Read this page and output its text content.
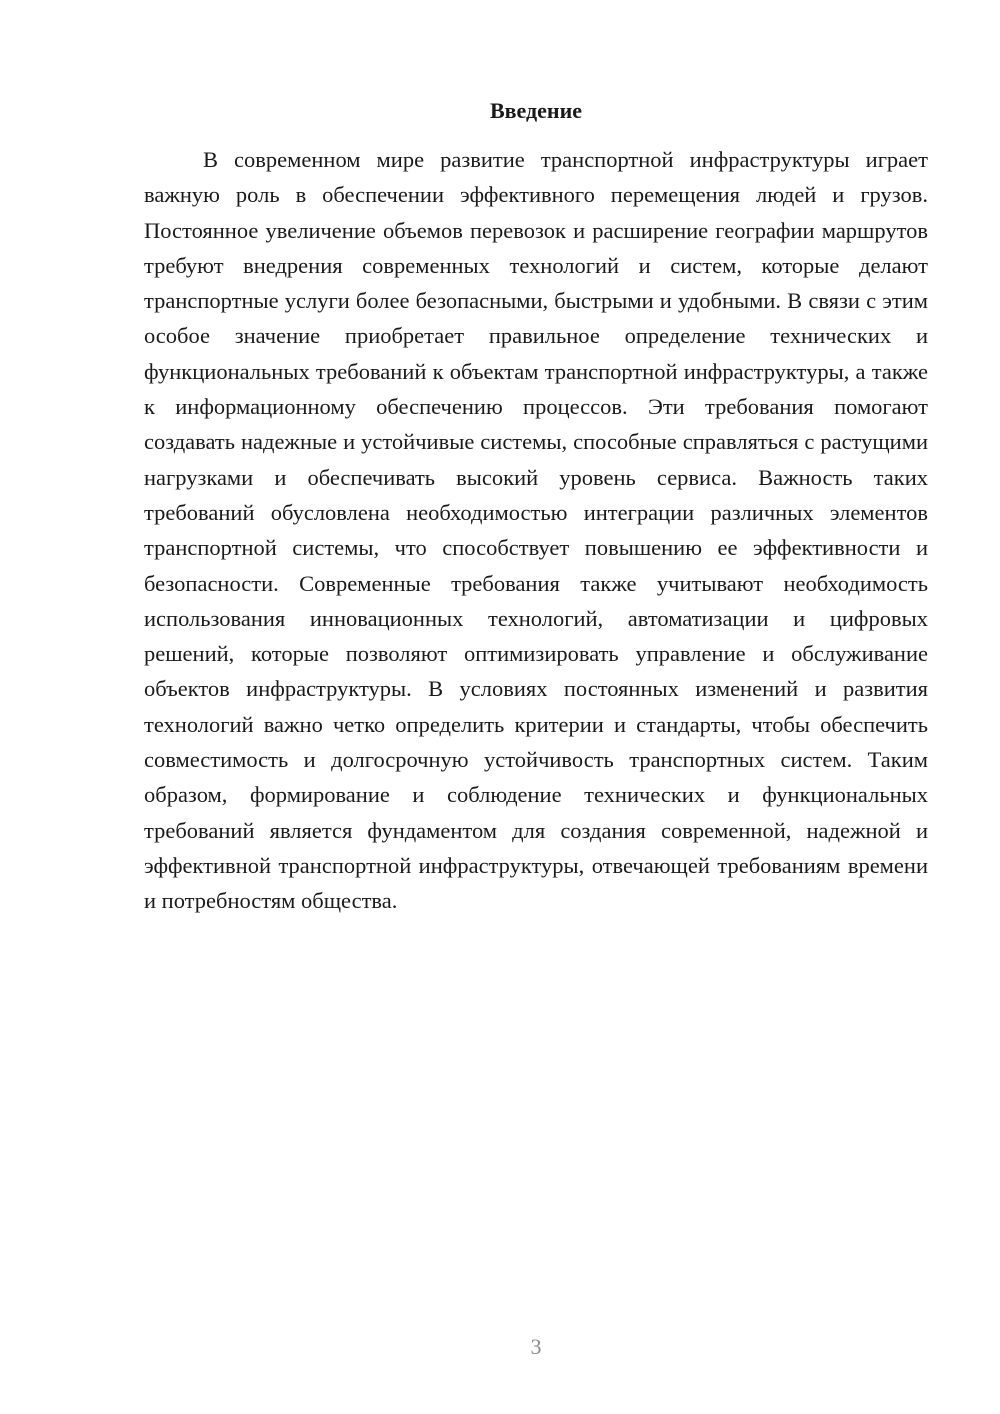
Введение

В современном мире развитие транспортной инфраструктуры играет важную роль в обеспечении эффективного перемещения людей и грузов. Постоянное увеличение объемов перевозок и расширение географии маршрутов требуют внедрения современных технологий и систем, которые делают транспортные услуги более безопасными, быстрыми и удобными. В связи с этим особое значение приобретает правильное определение технических и функциональных требований к объектам транспортной инфраструктуры, а также к информационному обеспечению процессов. Эти требования помогают создавать надежные и устойчивые системы, способные справляться с растущими нагрузками и обеспечивать высокий уровень сервиса. Важность таких требований обусловлена необходимостью интеграции различных элементов транспортной системы, что способствует повышению ее эффективности и безопасности. Современные требования также учитывают необходимость использования инновационных технологий, автоматизации и цифровых решений, которые позволяют оптимизировать управление и обслуживание объектов инфраструктуры. В условиях постоянных изменений и развития технологий важно четко определить критерии и стандарты, чтобы обеспечить совместимость и долгосрочную устойчивость транспортных систем. Таким образом, формирование и соблюдение технических и функциональных требований является фундаментом для создания современной, надежной и эффективной транспортной инфраструктуры, отвечающей требованиям времени и потребностям общества.

3
